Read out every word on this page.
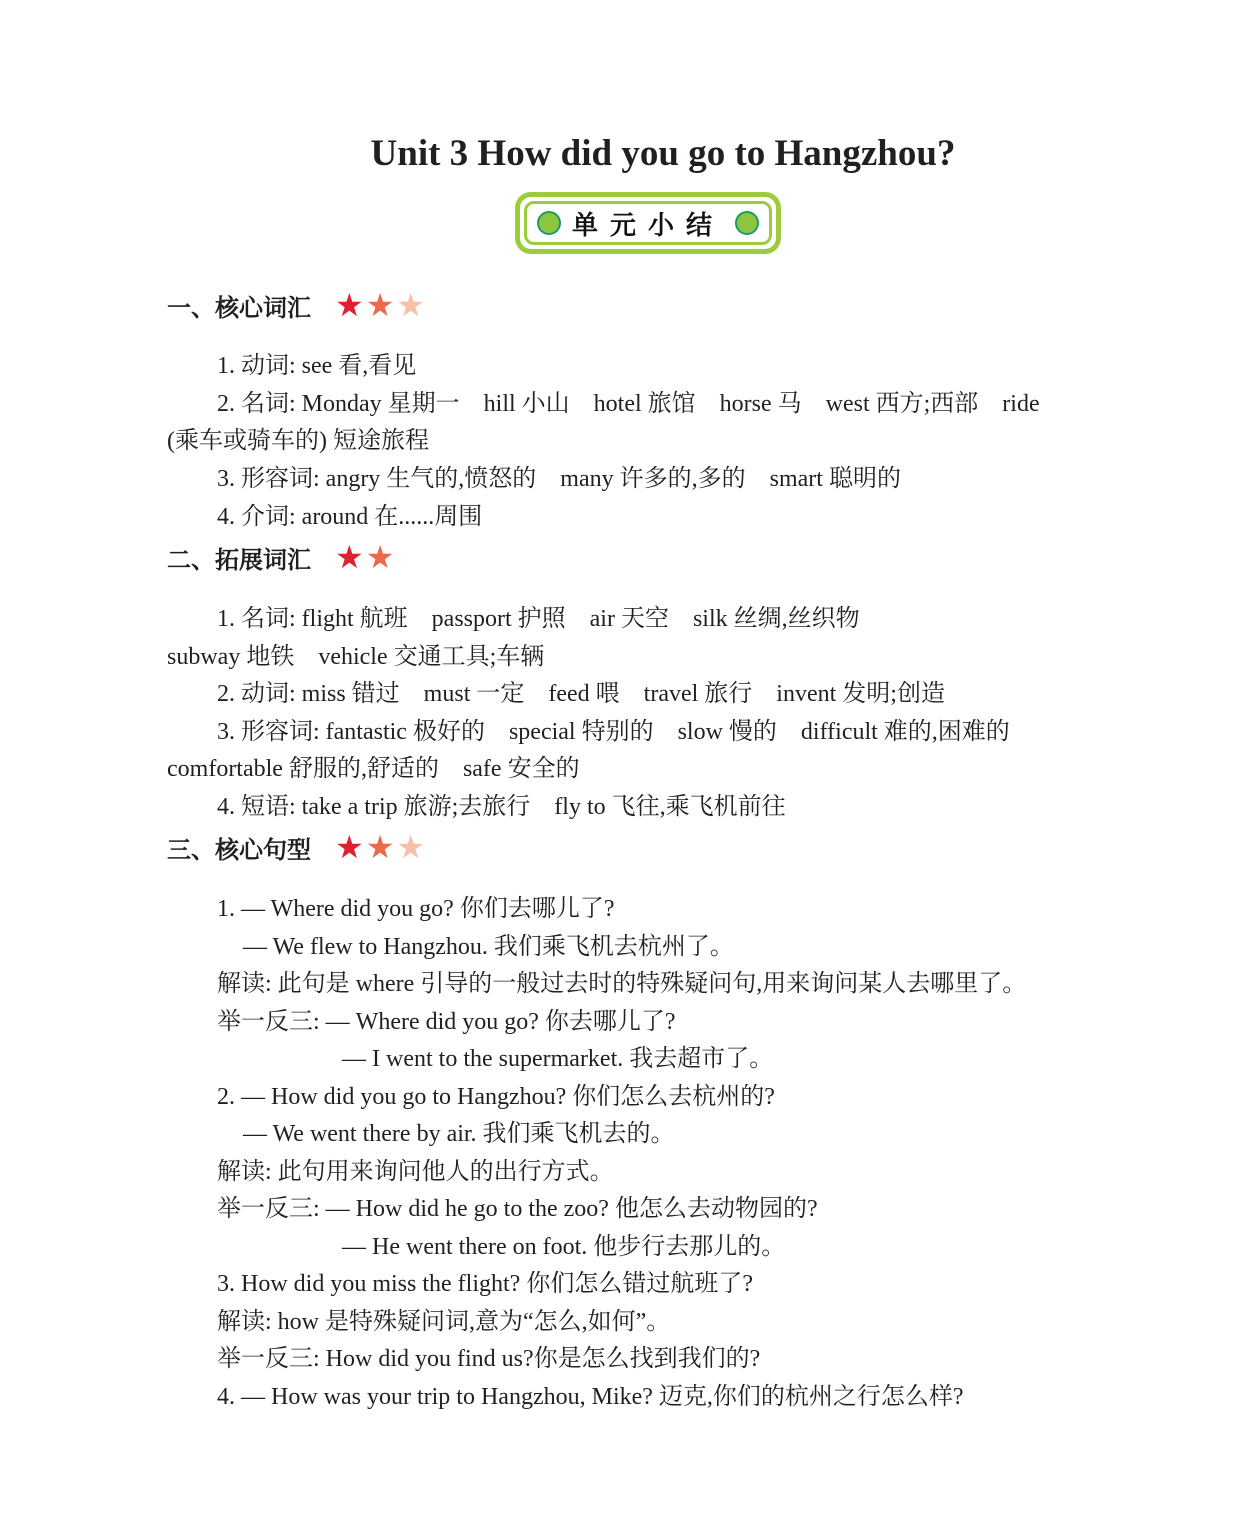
Unit 3 How did you go to Hangzhou?
单元小结
一、核心词汇 ★★★
1. 动词: see 看,看见
2. 名词: Monday 星期一    hill 小山    hotel 旅馆    horse 马    west 西方;西部    ride
(乘车或骑车的) 短途旅程
3. 形容词: angry 生气的,愤怒的    many 许多的,多的    smart 聪明的
4. 介词: around 在......周围
二、拓展词汇 ★★
1. 名词: flight 航班    passport 护照    air 天空    silk 丝绸,丝织物
subway 地铁    vehicle 交通工具;车辆
2. 动词: miss 错过    must 一定    feed 喂    travel 旅行    invent 发明;创造
3. 形容词: fantastic 极好的    special 特别的    slow 慢的    difficult 难的,困难的
comfortable 舒服的,舒适的    safe 安全的
4. 短语: take a trip 旅游;去旅行    fly to 飞往,乘飞机前往
三、核心句型 ★★★
1. — Where did you go? 你们去哪儿了?
— We flew to Hangzhou. 我们乘飞机去杭州了。
解读: 此句是 where 引导的一般过去时的特殊疑问句,用来询问某人去哪里了。
举一反三: — Where did you go? 你去哪儿了?
— I went to the supermarket. 我去超市了。
2. — How did you go to Hangzhou? 你们怎么去杭州的?
— We went there by air. 我们乘飞机去的。
解读: 此句用来询问他人的出行方式。
举一反三: — How did he go to the zoo? 他怎么去动物园的?
— He went there on foot. 他步行去那儿的。
3. How did you miss the flight? 你们怎么错过航班了?
解读: how 是特殊疑问词,意为“怎么,如何”。
举一反三: How did you find us?你是怎么找到我们的?
4. — How was your trip to Hangzhou, Mike? 迈克,你们的杭州之行怎么样?
